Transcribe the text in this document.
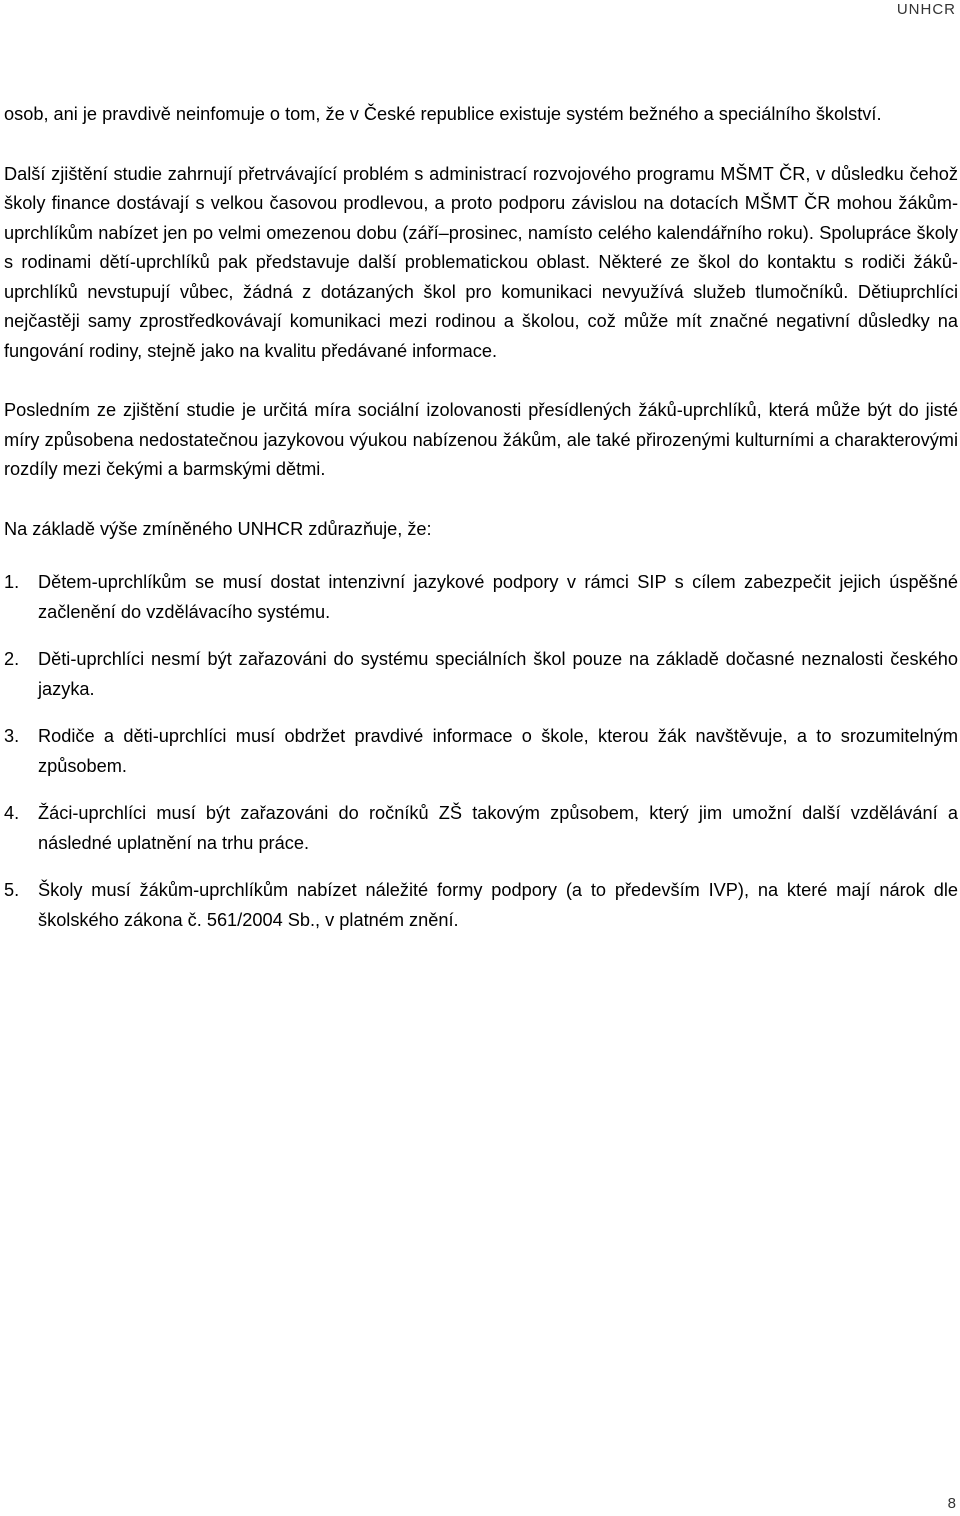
UNHCR

osob, ani je pravdivě neinfomuje o tom, že v České republice existuje systém bežného a speciálního školství.

Další zjištění studie zahrnují přetrvávající problém s administrací rozvojového programu MŠMT ČR, v důsledku čehož školy finance dostávají s velkou časovou prodlevou, a proto podporu závislou na dotacích MŠMT ČR mohou žákům-uprchlíkům nabízet jen po velmi omezenou dobu (září–prosinec, namísto celého kalendářního roku). Spolupráce školy s rodinami dětí-uprchlíků pak představuje další problematickou oblast. Některé ze škol do kontaktu s rodiči žáků-uprchlíků nevstupují vůbec, žádná z dotázaných škol pro komunikaci nevyužívá služeb tlumočníků. Dětiuprchlíci nejčastěji samy zprostředkovávají komunikaci mezi rodinou a školou, což může mít značné negativní důsledky na fungování rodiny, stejně jako na kvalitu předávané informace.

Posledním ze zjištění studie je určitá míra sociální izolovanosti přesídlených žáků-uprchlíků, která může být do jisté míry způsobena nedostatečnou jazykovou výukou nabízenou žákům, ale také přirozenými kulturními a charakterovými rozdíly mezi čekými a barmskými dětmi.

Na základě výše zmíněného UNHCR zdůrazňuje, že:

1.	Dětem-uprchlíkům se musí dostat intenzivní jazykové podpory v rámci SIP s cílem zabezpečit jejich úspěšné začlenění do vzdělávacího systému.
2.	Děti-uprchlíci nesmí být zařazováni do systému speciálních škol pouze na základě dočasné neznalosti českého jazyka.
3.	Rodiče a děti-uprchlíci musí obdržet pravdivé informace o škole, kterou žák navštěvuje, a to srozumitelným způsobem.
4.	Žáci-uprchlíci musí být zařazováni do ročníků ZŠ takovým způsobem, který jim umožní další vzdělávání a následné uplatnění na trhu práce.
5.	Školy musí žákům-uprchlíkům nabízet náležité formy podpory (a to především IVP), na které mají nárok dle školského zákona č. 561/2004 Sb., v platném znění.
8
